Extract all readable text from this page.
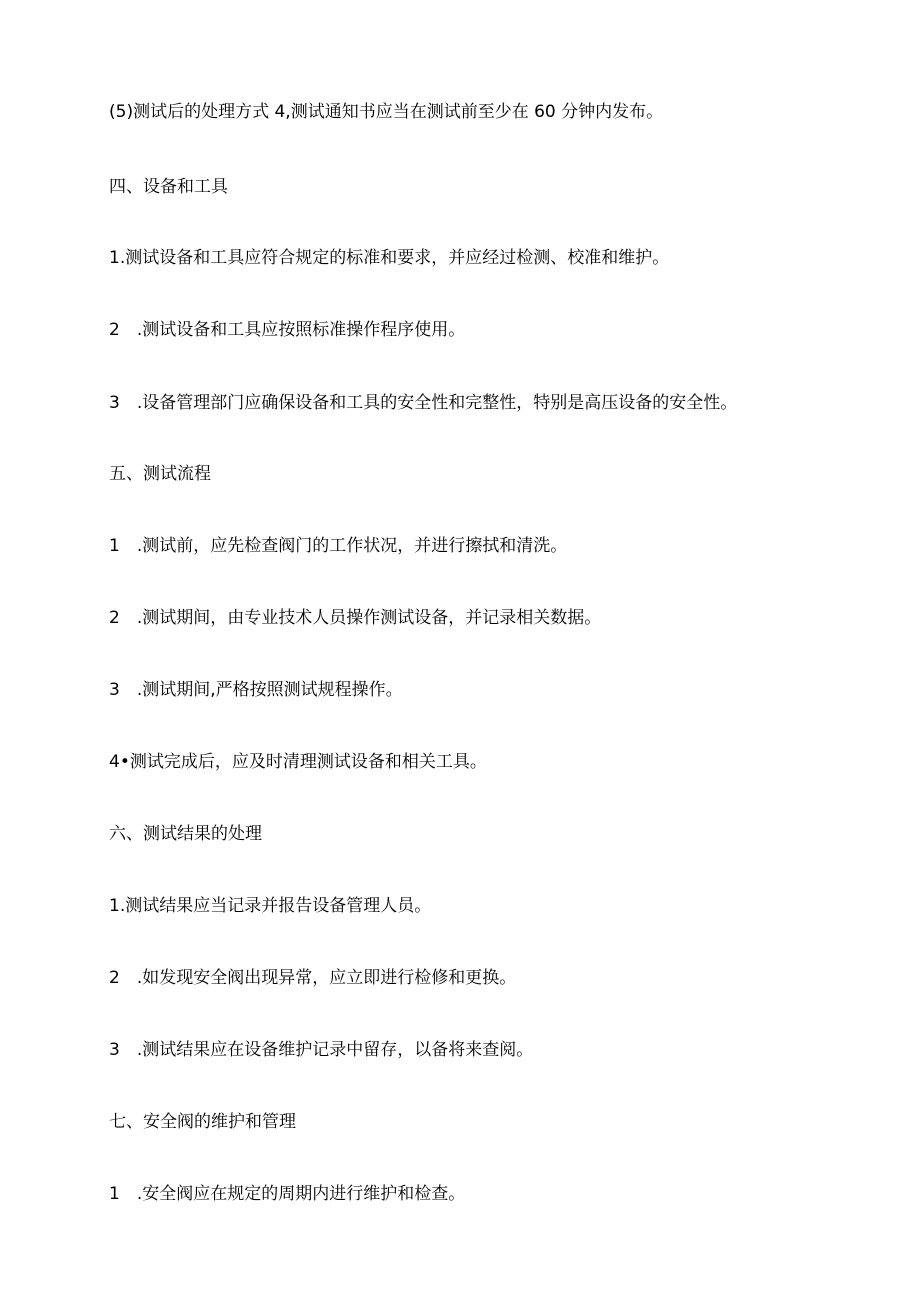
(5)测试后的处理方式 4,测试通知书应当在测试前至少在 60 分钟内发布。
四、设备和工具
1.测试设备和工具应符合规定的标准和要求，并应经过检测、校准和维护。
2　.测试设备和工具应按照标准操作程序使用。
3　.设备管理部门应确保设备和工具的安全性和完整性，特别是高压设备的安全性。
五、测试流程
1　.测试前，应先检查阀门的工作状况，并进行擦拭和清洗。
2　.测试期间，由专业技术人员操作测试设备，并记录相关数据。
3　.测试期间,严格按照测试规程操作。
4•测试完成后，应及时清理测试设备和相关工具。
六、测试结果的处理
1.测试结果应当记录并报告设备管理人员。
2　.如发现安全阀出现异常，应立即进行检修和更换。
3　.测试结果应在设备维护记录中留存，以备将来查阅。
七、安全阀的维护和管理
1　.安全阀应在规定的周期内进行维护和检查。
